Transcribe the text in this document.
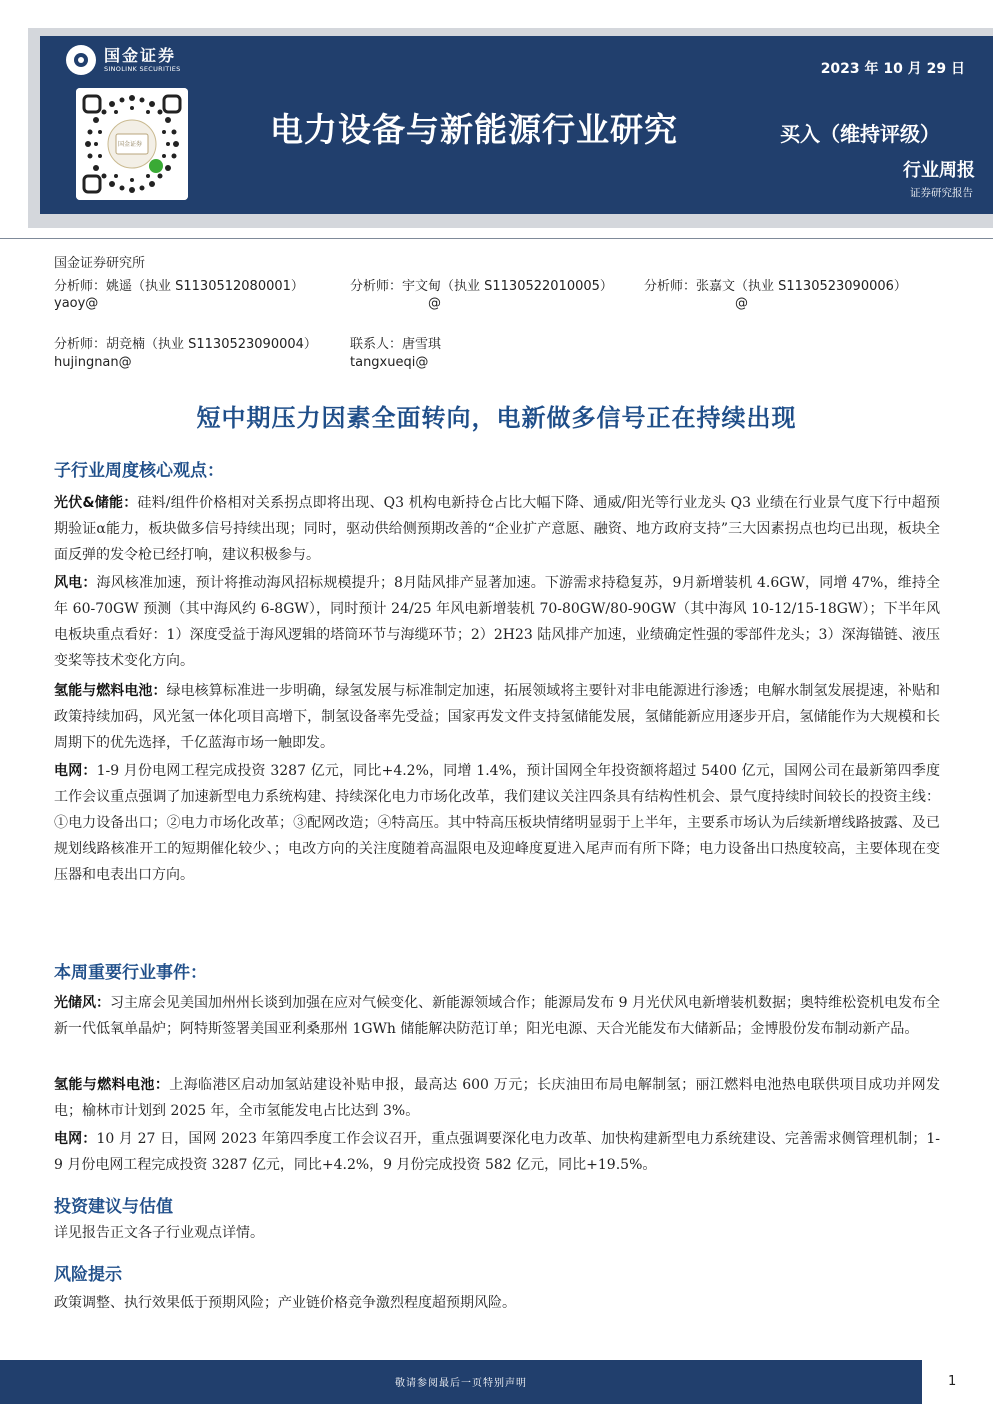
国金证券
SINOLINK SECURITIES
国金证券
2023 年 10 月 29 日
电力设备与新能源行业研究	买入（维持评级）
行业周报
证券研究报告
国金证券研究所
分析师：姚遥（执业 S1130512080001）
yaoy@
分析师：宇文甸（执业 S1130522010005）
@
分析师：张嘉文（执业 S1130523090006）
@
分析师：胡竞楠（执业 S1130523090004）
hujingnan@
联系人：唐雪琪
tangxueqi@
短中期压力因素全面转向，电新做多信号正在持续出现
子行业周度核心观点：
光伏&储能：硅料/组件价格相对关系拐点即将出现、Q3 机构电新持仓占比大幅下降、通威/阳光等行业龙头 Q3 业绩在行业景气度下行中超预期验证α能力，板块做多信号持续出现；同时，驱动供给侧预期改善的“企业扩产意愿、融资、地方政府支持”三大因素拐点也均已出现，板块全面反弹的发令枪已经打响，建议积极参与。
风电：海风核准加速，预计将推动海风招标规模提升；8月陆风排产显著加速。下游需求持稳复苏，9月新增装机 4.6GW，同增 47%，维持全年 60-70GW 预测（其中海风约 6-8GW），同时预计 24/25 年风电新增装机 70-80GW/80-90GW（其中海风 10-12/15-18GW）；下半年风电板块重点看好：1）深度受益于海风逻辑的塔筒环节与海缆环节；2）2H23 陆风排产加速，业绩确定性强的零部件龙头；3）深海锚链、液压变桨等技术变化方向。
氢能与燃料电池：绿电核算标准进一步明确，绿氢发展与标准制定加速，拓展领域将主要针对非电能源进行渗透；电解水制氢发展提速，补贴和政策持续加码，风光氢一体化项目高增下，制氢设备率先受益；国家再发文件支持氢储能发展，氢储能新应用逐步开启，氢储能作为大规模和长周期下的优先选择，千亿蓝海市场一触即发。
电网：1-9 月份电网工程完成投资 3287 亿元，同比+4.2%，同增 1.4%，预计国网全年投资额将超过 5400 亿元，国网公司在最新第四季度工作会议重点强调了加速新型电力系统构建、持续深化电力市场化改革，我们建议关注四条具有结构性机会、景气度持续时间较长的投资主线：①电力设备出口；②电力市场化改革；③配网改造；④特高压。其中特高压板块情绪明显弱于上半年，主要系市场认为后续新增线路披露、及已规划线路核准开工的短期催化较少、；电改方向的关注度随着高温限电及迎峰度夏进入尾声而有所下降；电力设备出口热度较高，主要体现在变压器和电表出口方向。
本周重要行业事件：
光储风：习主席会见美国加州州长谈到加强在应对气候变化、新能源领域合作；能源局发布 9 月光伏风电新增装机数据；奥特维松瓷机电发布全新一代低氧单晶炉；阿特斯签署美国亚利桑那州 1GWh 储能解决防范订单；阳光电源、天合光能发布大储新品；金博股份发布制动新产品。
氢能与燃料电池：上海临港区启动加氢站建设补贴申报，最高达 600 万元；长庆油田布局电解制氢；丽江燃料电池热电联供项目成功并网发电；榆林市计划到 2025 年，全市氢能发电占比达到 3%。
电网：10 月 27 日，国网 2023 年第四季度工作会议召开，重点强调要深化电力改革、加快构建新型电力系统建设、完善需求侧管理机制；1-9 月份电网工程完成投资 3287 亿元，同比+4.2%，9 月份完成投资 582 亿元，同比+19.5%。
投资建议与估值
详见报告正文各子行业观点详情。
风险提示
政策调整、执行效果低于预期风险；产业链价格竞争激烈程度超预期风险。
敬请参阅最后一页特别声明	1
